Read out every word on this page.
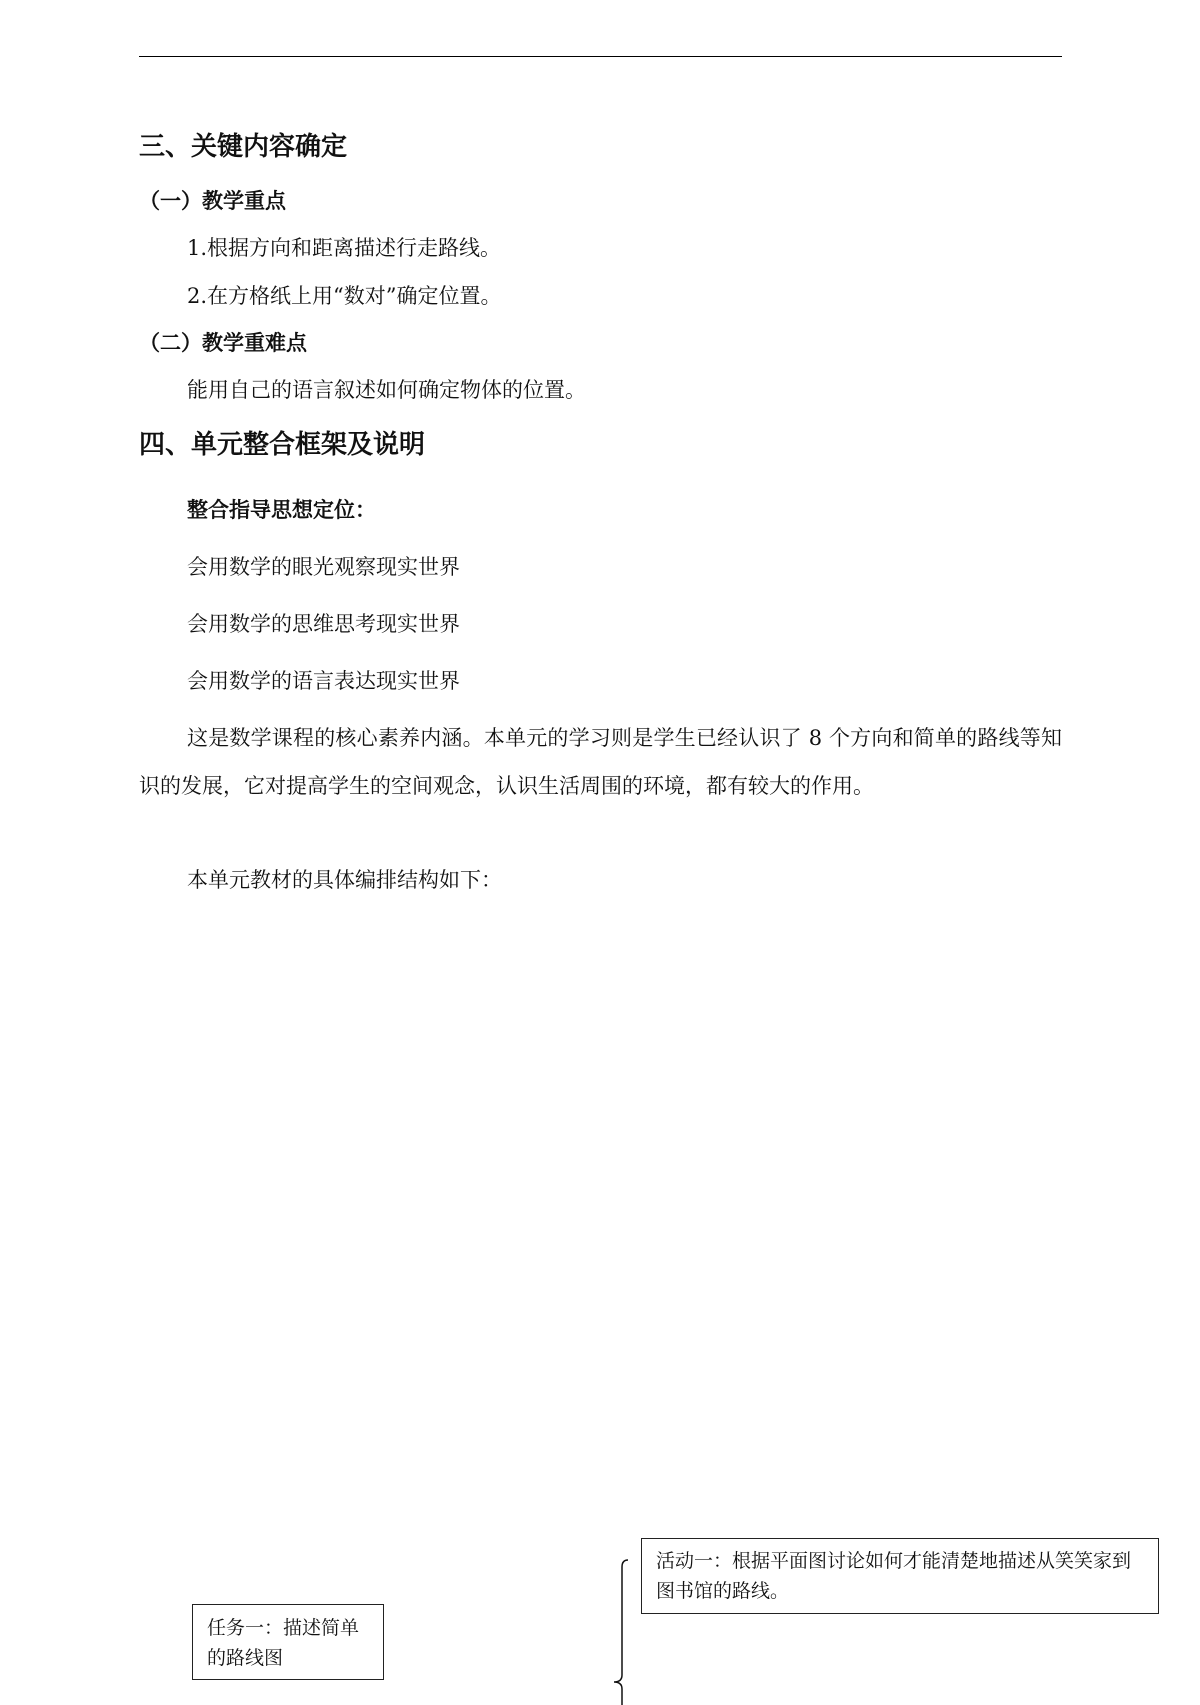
三、关键内容确定
（一）教学重点
1.根据方向和距离描述行走路线。
2.在方格纸上用“数对”确定位置。
（二）教学重难点
能用自己的语言叙述如何确定物体的位置。
四、单元整合框架及说明
整合指导思想定位：
会用数学的眼光观察现实世界
会用数学的思维思考现实世界
会用数学的语言表达现实世界
这是数学课程的核心素养内涵。本单元的学习则是学生已经认识了 8 个方向和简单的路线等知识的发展，它对提高学生的空间观念，认识生活周围的环境，都有较大的作用。
本单元教材的具体编排结构如下：
任务一：描述简单的路线图
活动一：根据平面图讨论如何才能清楚地描述从笑笑家到图书馆的路线。
